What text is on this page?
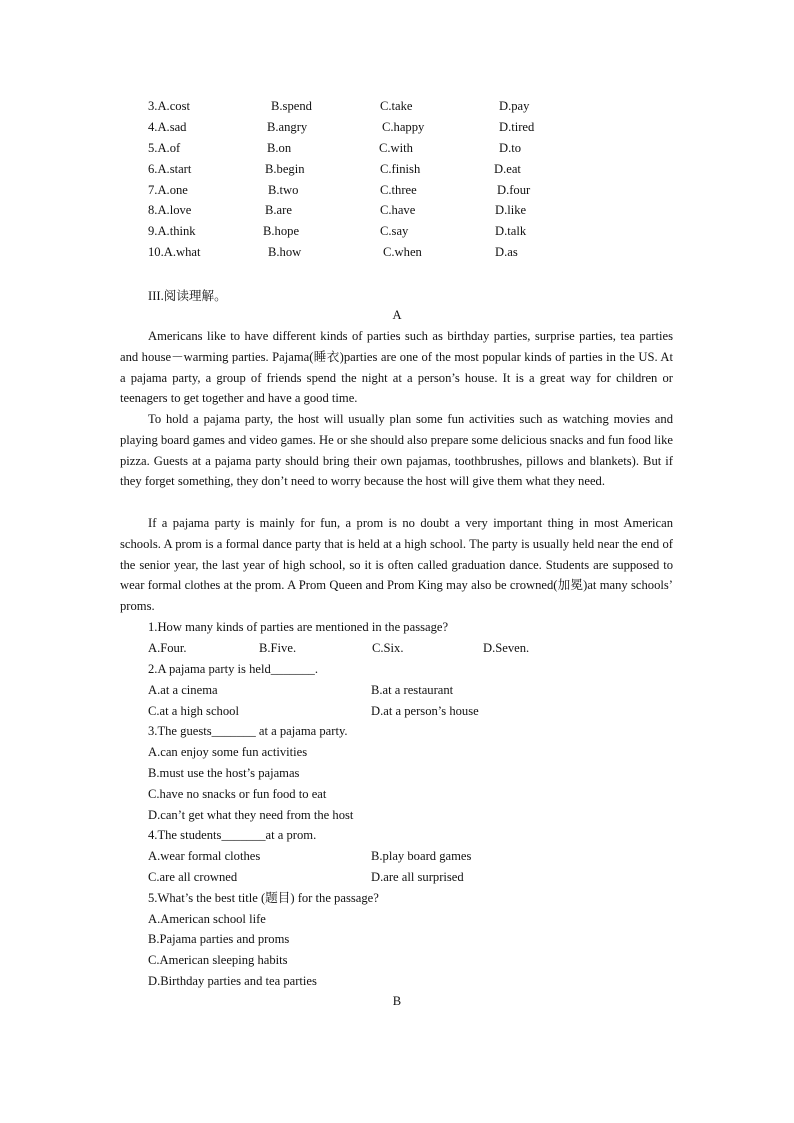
3.A.cost	B.spend	C.take	D.pay
4.A.sad	B.angry	C.happy	D.tired
5.A.of	B.on	C.with	D.to
6.A.start	B.begin	C.finish	D.eat
7.A.one	B.two	C.three	D.four
8.A.love	B.are	C.have	D.like
9.A.think	B.hope	C.say	D.talk
10.A.what	B.how	C.when	D.as
III.阅读理解。
A

Americans like to have different kinds of parties such as birthday parties, surprise parties, tea parties and house－warming parties. Pajama(睡衣)parties are one of the most popular kinds of parties in the US. At a pajama party, a group of friends spend the night at a person’s house. It is a great way for children or teenagers to get together and have a good time.

To hold a pajama party, the host will usually plan some fun activities such as watching movies and playing board games and video games. He or she should also prepare some delicious snacks and fun food like pizza. Guests at a pajama party should bring their own pajamas, toothbrushes, pillows and blankets). But if they forget something, they don’t need to worry because the host will give them what they need.

If a pajama party is mainly for fun, a prom is no doubt a very important thing in most American schools. A prom is a formal dance party that is held at a high school. The party is usually held near the end of the senior year, the last year of high school, so it is often called graduation dance. Students are supposed to wear formal clothes at the prom. A Prom Queen and Prom King may also be crowned(加冕)at many schools’ proms.

1.How many kinds of parties are mentioned in the passage?
A.Four.	B.Five.	C.Six.	D.Seven.
2.A pajama party is held_______.
A.at a cinema	B.at a restaurant
C.at a high school	D.at a person’s house
3.The guests_______ at a pajama party.
A.can enjoy some fun activities
B.must use the host’s pajamas
C.have no snacks or fun food to eat
D.can’t get what they need from the host
4.The students_______at a prom.
A.wear formal clothes	B.play board games
C.are all crowned	D.are all surprised
5.What’s the best title (题目) for the passage?
A.American school life
B.Pajama parties and proms
C.American sleeping habits
D.Birthday parties and tea parties
B
